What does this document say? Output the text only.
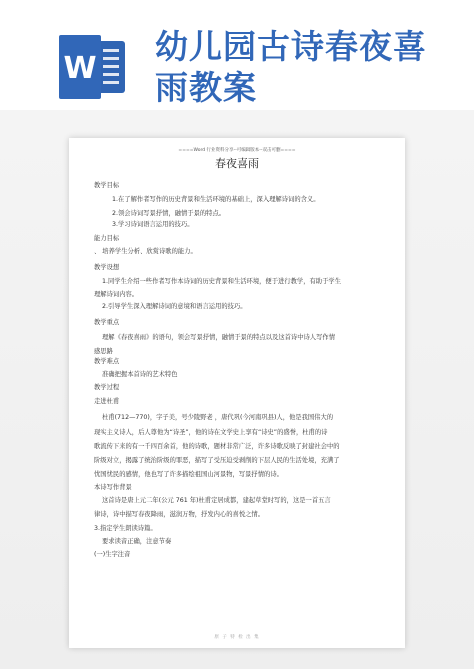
W
幼儿园古诗春夜喜
雨教案
====Word 行业资料分享--可编辑版本--双击可删====
春夜喜雨
教学目标
1.在了解作者写作的历史背景和生活环境的基础上，深入理解诗词的含义。
2.领会诗词写景抒情，融情于景的特点。
3.学习诗词语言运用的技巧。
能力目标
、 培养学生分析、欣赏诗歌的能力。
教学设想
1.同学生介绍一些作者写作本诗词的历史背景和生活环境，便于进行教学，有助于学生
理解诗词内容。
2.引导学生深入理解诗词的意境和语言运用的技巧。
教学重点
理解《春夜喜雨》的语句，领会写景抒情，融情于景的特点以及这首诗中诗人写作情
感思路
教学难点
准确把握本首诗的艺术特色
教学过程
走进杜甫
杜甫(712—770)，字子美，号少陵野老 ，唐代巩(今河南巩县)人，他是我国伟大的
现实主义诗人，后人尊他为“诗圣”，他的诗在文学史上享有“诗史”的盛誉，杜甫的诗
歌流传下来的有一千四百余首，他的诗歌，题材非常广泛，许多诗歌反映了封建社会中的
阶级对立，揭露了统治阶级的罪恶，描写了受压迫受剥削的下层人民的生活处境，充满了
忧国忧民的感情，他也写了许多描绘祖国山河景物，写景抒情的诗。
本诗写作背景
这首诗是唐上元二年(公元 761 年)杜甫定居成都，建起草堂时写的，这是一首五言
律诗，诗中描写春夜降雨，滋润万物，抒发内心的喜悦之情。
3.指定学生朗读诗篇。
要求读音正确，注意节奏
(一)生字注音
原 子 特 检 出 集
